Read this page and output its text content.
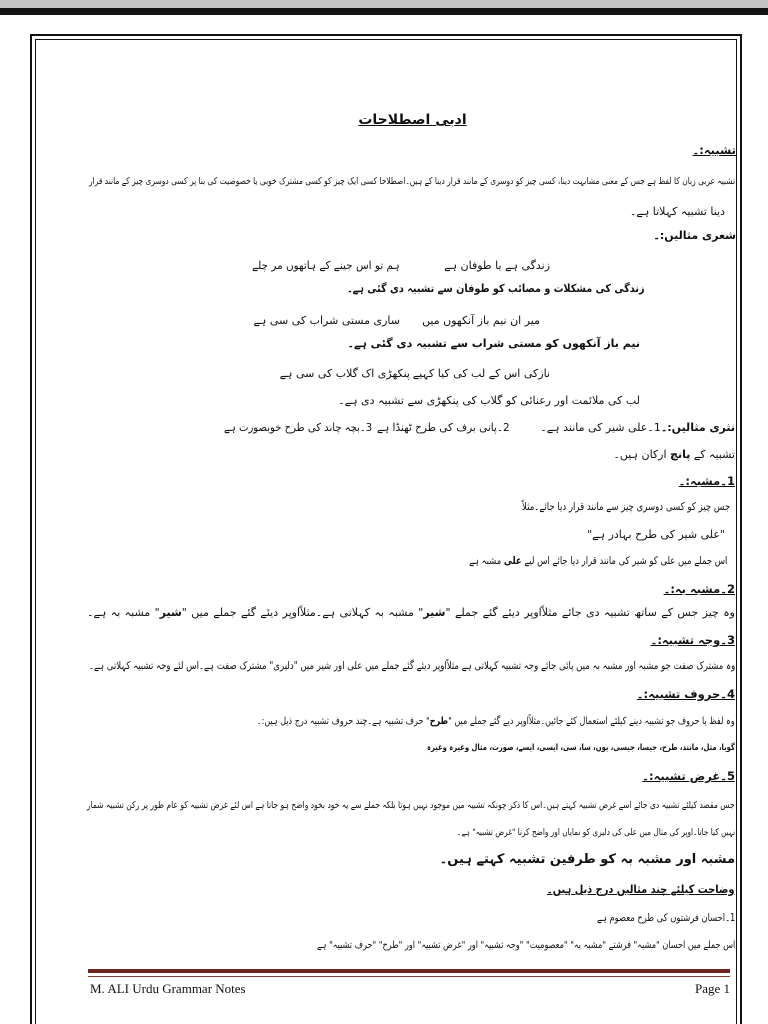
ادبی اصطلاحات
تشبیہ:۔
تشبیہ عربی زبان کا لفظ ہے جس کے معنی مشابہت دینا، کسی چیز کو دوسری کے مانند قرار دینا کے ہیں۔اصطلاحا کسی ایک چیز کو کسی مشترک خوبی یا خصوصیت کی بنا پر کسی دوسری چیز کے مانند قرار
دینا تشبیہ کہلاتا ہے۔
شعری مثالیں:۔
زندگی ہے یا طوفان ہے
ہم تو اس جینے کے ہاتھوں مر چلے
زندگی کی مشکلات و مصائب کو طوفان سے تشبیہ دی گئی ہے۔
میر ان نیم باز آنکھوں میں
ساری مستی شراب کی سی ہے
نیم باز آنکھوں کو مستی شراب سے تشبیہ دی گئی ہے۔
نازکی اس کے لب کی کیا کہیے
پنکھڑی اک گلاب کی سی ہے
لب کی ملائمت اور رعنائی کو گلاب کی پنکھڑی سے تشبیہ دی ہے۔
نثری مثالیں:۔1۔علی شیر کی مانند ہے۔
2۔پانی برف کی طرح ٹھنڈا ہے
3۔بچہ چاند کی طرح خوبصورت ہے
تشبیہ کے پانچ ارکان ہیں۔
1۔مشبہ:۔
جس چیز کو کسی دوسری چیز سے مانند قرار دیا جائے۔مثلاً
"علی شیر کی طرح بہادر ہے"
اس جملے میں علی کو شیر کی مانند قرار دیا جائے اس لیے علی مشبہ ہے
2۔مشبہ بہ:۔
وہ چیز جس کے ساتھ تشبیہ دی جائے مثلاًاوپر دیئے گئے جملے "شیر" مشبہ بہ کہلاتی ہے۔مثلاًاوپر دیئے گئے جملے میں "شیر" مشبہ بہ ہے۔
3۔وجہ تشبیہ:۔
وہ مشترک صفت جو مشبہ اور مشبہ بہ میں پائی جائے وجہ تشبیہ کہلاتی ہے مثلاًاوپر دیئے گئے جملے میں علی اور شیر میں "دلیری" مشترک صفت ہے۔اس لئے وجہ تشبیہ کہلاتی ہے۔
4۔حروف تشبیہ:۔
وہ لفظ یا حروف جو تشبیہ دینے کیلئے استعمال کئے جائیں۔مثلاًاوپر دیے گئے جملے میں "طرح" حرف تشبیہ ہے۔چند حروف تشبیہ درج ذیل ہیں:۔
گویا، مثل، مانند، طرح، جیسا، جیسی، یوں، سا، سی، ایسی، ایسے، صورت، مثال وغیرہ وغیرہ
5۔غرض تشبیہ:۔
جس مقصد کیلئے تشبیہ دی جائے اسے غرض تشبیہ کہتے ہیں۔اس کا ذکر چونکہ تشبیہ میں موجود نہیں ہوتا بلکہ جملے سے یہ خود بخود واضح ہو جاتا ہے اس لئے غرض تشبیہ کو عام طور پر رکن تشبیہ شمار
نہیں کیا جاتا۔اوپر کی مثال میں علی کی دلیری کو نمایاں اور واضح کرنا "غرض تشبیہ" ہے۔
مشبہ اور مشبہ بہ کو طرفین تشبیہ کہتے ہیں۔
وضاحت کیلئے چند مثالیں درج ذیل ہیں۔
1۔احسان فرشتوں کی طرح معصوم ہے
اس جملے میں احسان "مشبہ" فرشتے "مشبہ بہ" "معصومیت" "وجہ تشبیہ" اور "غرض تشبیہ" اور "طرح" "حرف تشبیہ" ہے
M. ALI Urdu Grammar Notes	Page 1
